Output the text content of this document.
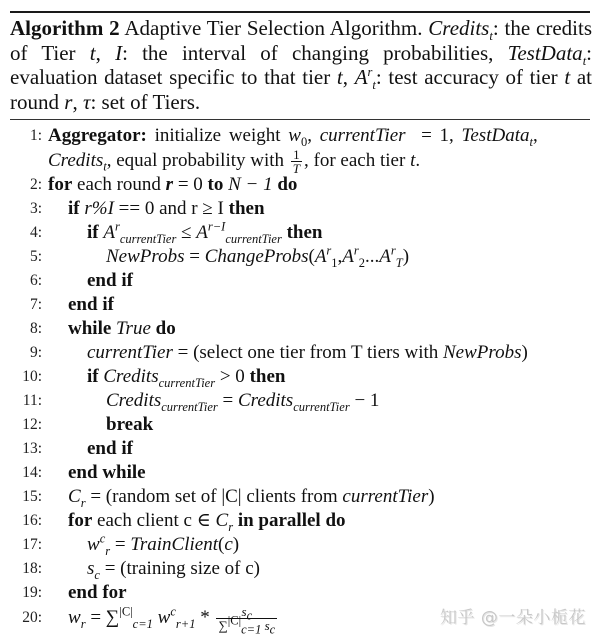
Algorithm 2 Adaptive Tier Selection Algorithm. Credits$_t$: the credits of Tier t, I: the interval of changing probabilities, TestData$_t$: evaluation dataset specific to that tier t, $A^r_t$: test accuracy of tier t at round r, τ: set of Tiers.
1: Aggregator: initialize weight $w_0$, currentTier  = 1, TestData$_t$,
Credits$_t$, equal probability with $\frac{1}{T}$ , for each tier t.
2: for each round r = 0 to N − 1 do
3: if r%I == 0 and r ≥ I then
4: if $A^r_{currentTier} \le A^{r-I}_{currentTier}$ then
5:	NewProbs = $ChangeProbs(A^r_1,A^r_2...A^r_T)$
6: end if
7: end if
8: while True do
9: currentTier = (select one tier from T tiers with NewProbs)
10: if Credits$_{currentTier}$ > 0 then
11:	Credits$_{currentTier}$ = Credits$_{currentTier}$ − 1
12:	break
13: end if
14: end while
15: $C_r$ = (random set of |C| clients from currentTier)
16: for each client c ∈ $C_r$ in parallel do
17: $w^c_r$ = TrainClient(c)
18: $s_c$ = (training size of c)
19: end for
20: $w_r = \sum^{|C|}_{c=1}$ $w^c_{r+1} * \frac{s_c}{\sum^{|C|}_{c=1} s_c}$	知乎 @一朵小栀花
